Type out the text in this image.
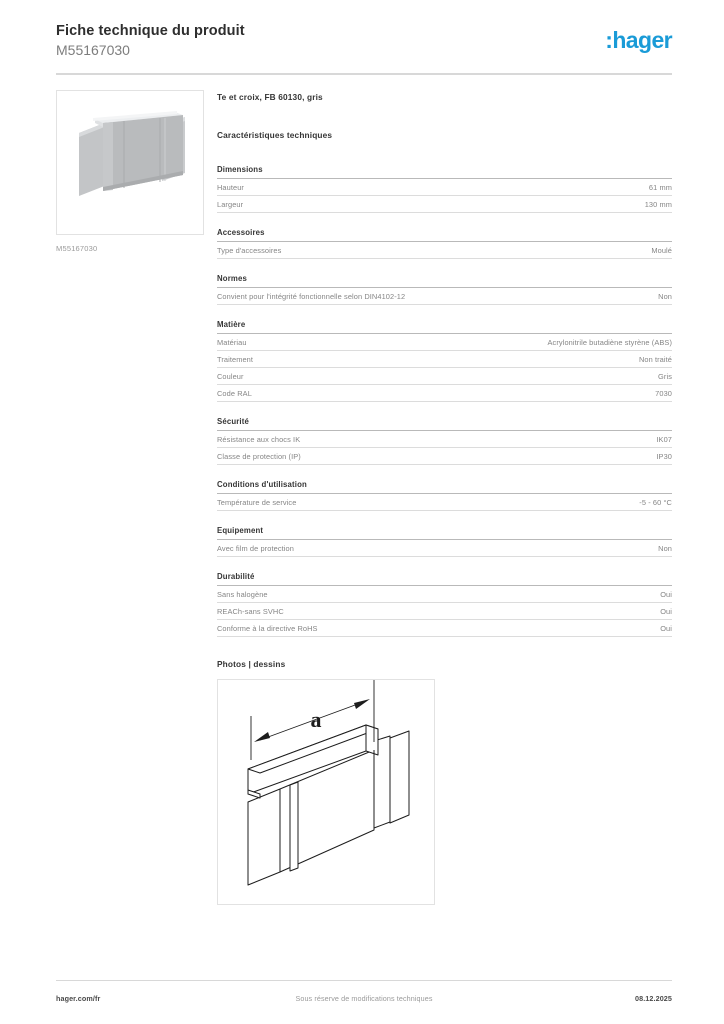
Fiche technique du produit
M55167030	:hager
M55167030
Te et croix, FB 60130, gris
Caractéristiques techniques
Dimensions
Hauteur	61 mm
Largeur	130 mm
Accessoires
Type d'accessoires	Moulé
Normes
Convient pour l'intégrité fonctionnelle selon DIN4102-12	Non
Matière
Matériau	Acrylonitrile butadiène styrène (ABS)
Traitement	Non traité
Couleur	Gris
Code RAL	7030
Sécurité
Résistance aux chocs IK	IK07
Classe de protection (IP)	IP30
Conditions d'utilisation
Température de service	-5 - 60 °C
Equipement
Avec film de protection	Non
Durabilité
Sans halogène	Oui
REACh-sans SVHC	Oui
Conforme à la directive RoHS	Oui
Photos | dessins
a
hager.com/fr	Sous réserve de modifications techniques	08.12.2025
